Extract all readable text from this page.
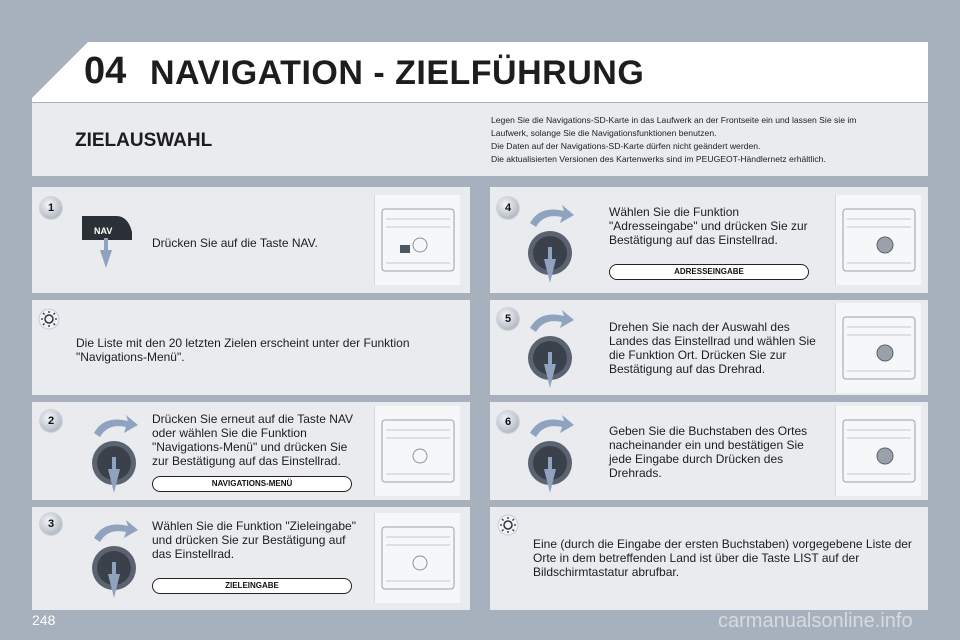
04 NAVIGATION - ZIELFÜHRUNG
ZIELAUSWAHL
Legen Sie die Navigations-SD-Karte in das Laufwerk an der Frontseite ein und lassen Sie sie im
Laufwerk, solange Sie die Navigationsfunktionen benutzen.
Die Daten auf der Navigations-SD-Karte dürfen nicht geändert werden.
Die aktualisierten Versionen des Kartenwerks sind im PEUGEOT-Händlernetz erhältlich.
1
NAV
Drücken Sie auf die Taste NAV.
Die Liste mit den 20 letzten Zielen erscheint unter der Funktion "Navigations-Menü".
2	Drücken Sie erneut auf die Taste NAV oder wählen Sie die Funktion "Navigations-Menü" und drücken Sie zur Bestätigung auf das Einstellrad.
NAVIGATIONS-MENÜ
3	Wählen Sie die Funktion "Zieleingabe" und drücken Sie zur Bestätigung auf das Einstellrad.
ZIELEINGABE
4	Wählen Sie die Funktion "Adresseingabe" und drücken Sie zur Bestätigung auf das Einstellrad.
ADRESSEINGABE
5
Drehen Sie nach der Auswahl des Landes das Einstellrad und wählen Sie die Funktion Ort. Drücken Sie zur Bestätigung auf das Drehrad.
6
Geben Sie die Buchstaben des Ortes nacheinander ein und bestätigen Sie jede Eingabe durch Drücken des Drehrads.
Eine (durch die Eingabe der ersten Buchstaben) vorgegebene Liste der Orte in dem betreffenden Land ist über die Taste LIST auf der Bildschirmtastatur abrufbar.
248	carmanualsonline.info
